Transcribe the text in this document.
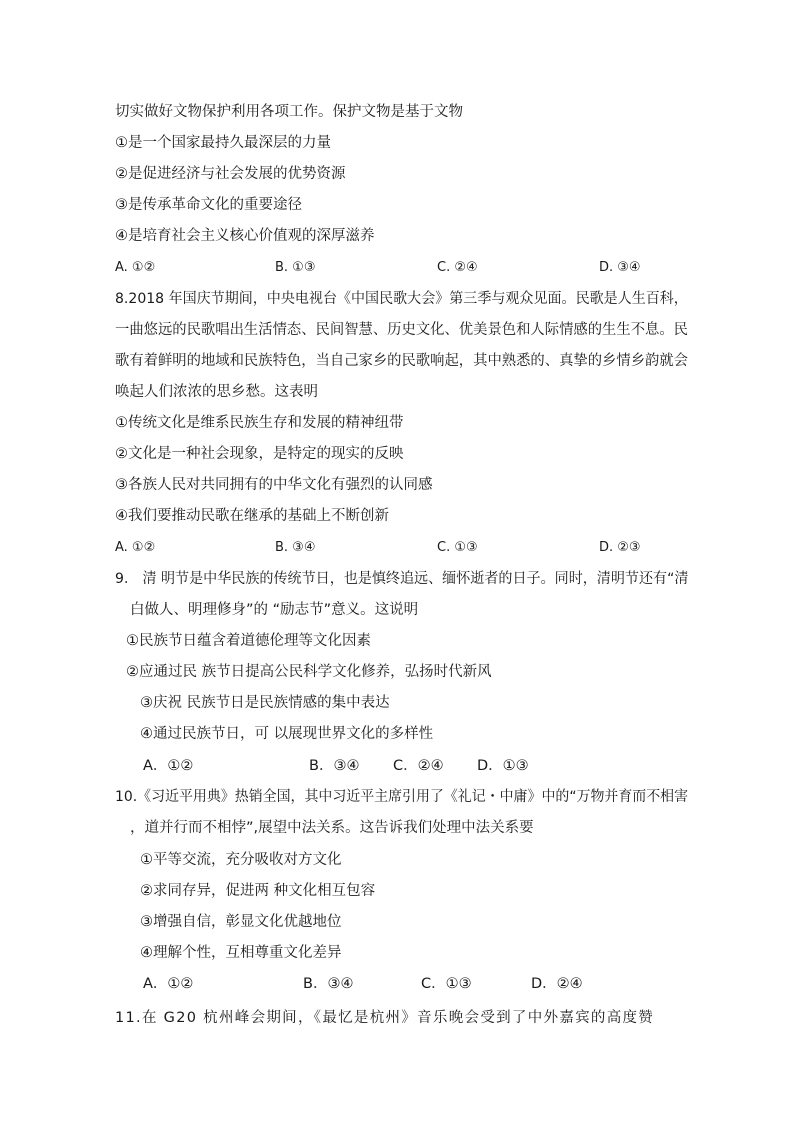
切实做好文物保护利用各项工作。保护文物是基于文物
①是一个国家最持久最深层的力量
②是促进经济与社会发展的优势资源
③是传承革命文化的重要途径
④是培育社会主义核心价值观的深厚滋养
A. ①②	B. ①③	C. ②④	D. ③④
8.2018 年国庆节期间，中央电视台《中国民歌大会》第三季与观众见面。民歌是人生百科，
一曲悠远的民歌唱出生活情态、民间智慧、历史文化、优美景色和人际情感的生生不息。民
歌有着鲜明的地域和民族特色，当自己家乡的民歌响起，其中熟悉的、真挚的乡情乡韵就会
唤起人们浓浓的思乡愁。这表明
①传统文化是维系民族生存和发展的精神纽带
②文化是一种社会现象，是特定的现实的反映
③各族人民对共同拥有的中华文化有强烈的认同感
④我们要推动民歌在继承的基础上不断创新
A. ①②	B. ③④	C. ①③	D. ②③
9． 清 明节是中华民族的传统节日，也是慎终追远、缅怀逝者的日子。同时，清明节还有“清
白做人、明理修身”的 “励志节”意义。这说明
①民族节日蕴含着道德伦理等文化因素
②应通过民 族节日提高公民科学文化修养，弘扬时代新风
③庆祝 民族节日是民族情感的集中表达
④通过民族节日，可 以展现世界文化的多样性
A．①②	B．③④ C．②④ D．①③
10.《习近平用典》热销全国，其中习近平主席引用了《礼记・中庸》中的“万物并育而不相害
，道并行而不相悖”,展望中法关系。这告诉我们处理中法关系要
①平等交流，充分吸收对方文化
②求同存异，促进两 种文化相互包容
③增强自信，彰显文化优越地位
④理解个性，互相尊重文化差异
A．①②	B．③④	C．①③	D．②④
11.在 G20 杭州峰会期间，《最忆是杭州》音乐晚会受到了中外嘉宾的高度赞
